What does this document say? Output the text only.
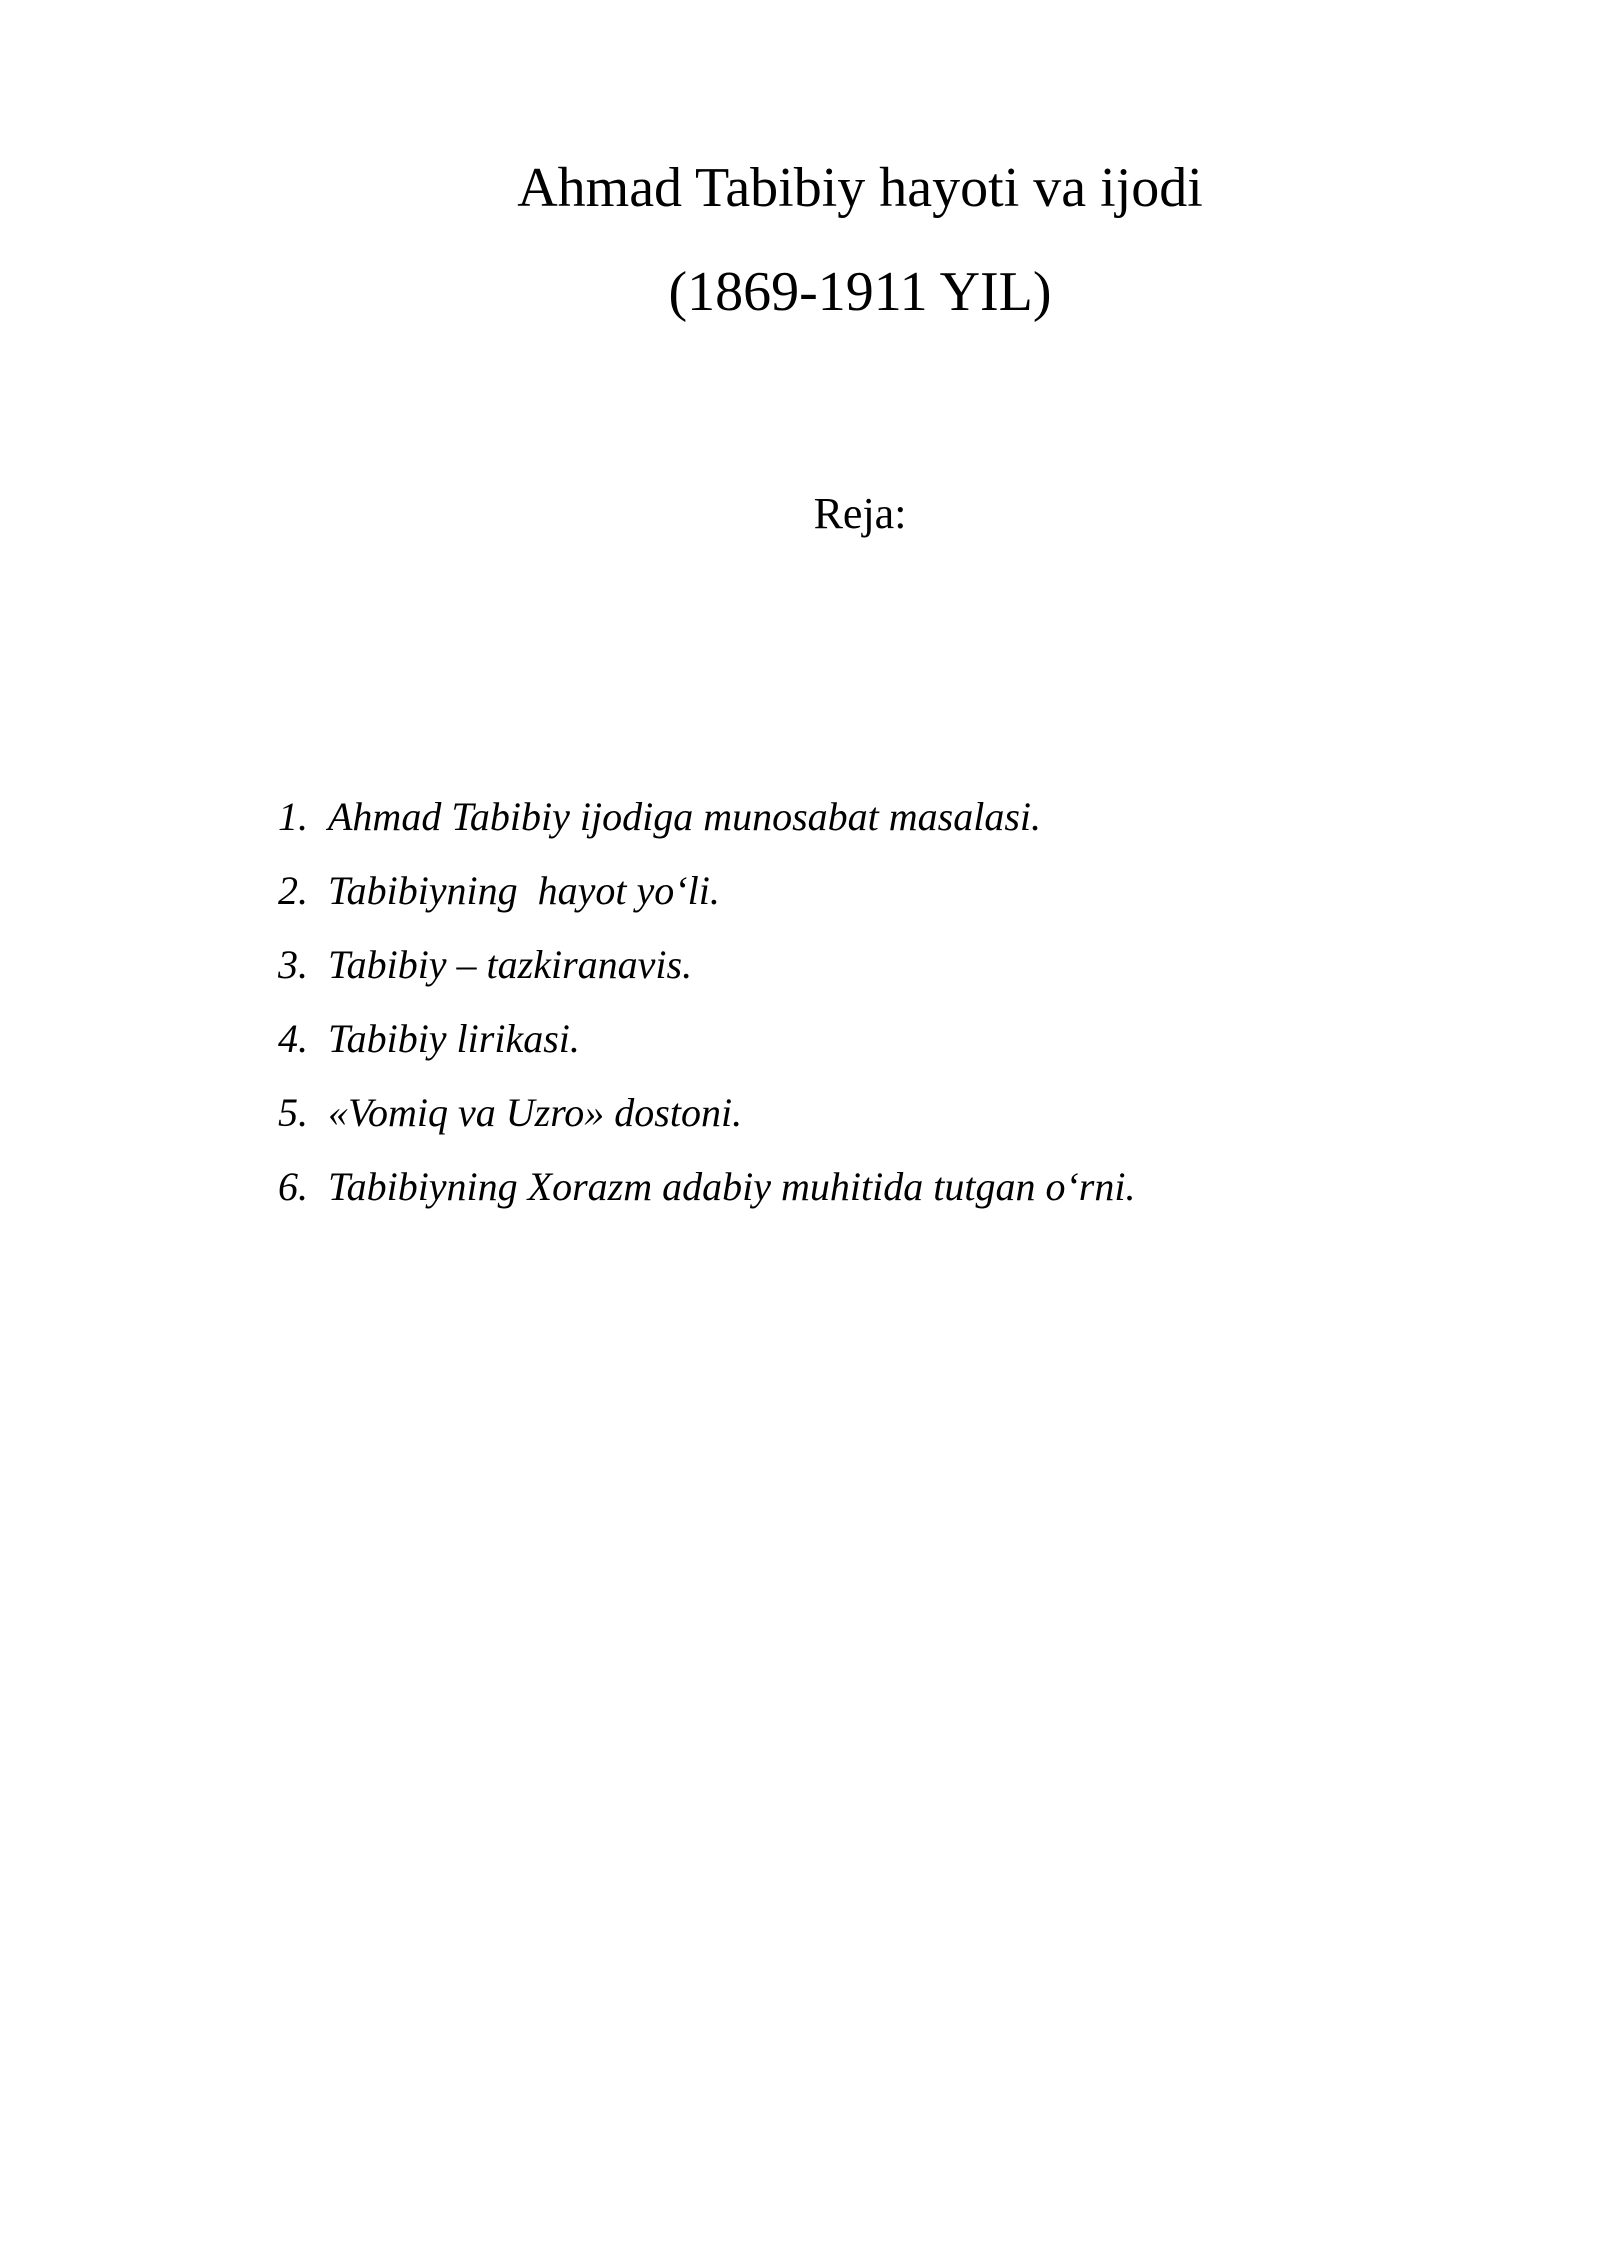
Ahmad Tabibiy hayoti va ijodi
(1869-1911 YIL)
Reja:
1. Ahmad Tabibiy ijodiga munosabat masalasi.
2. Tabibiyning  hayot yo‘li.
3. Tabibiy – tazkiranavis.
4. Tabibiy lirikasi.
5. «Vomiq va Uzro» dostoni.
6. Tabibiyning Xorazm adabiy muhitida tutgan o‘rni.
